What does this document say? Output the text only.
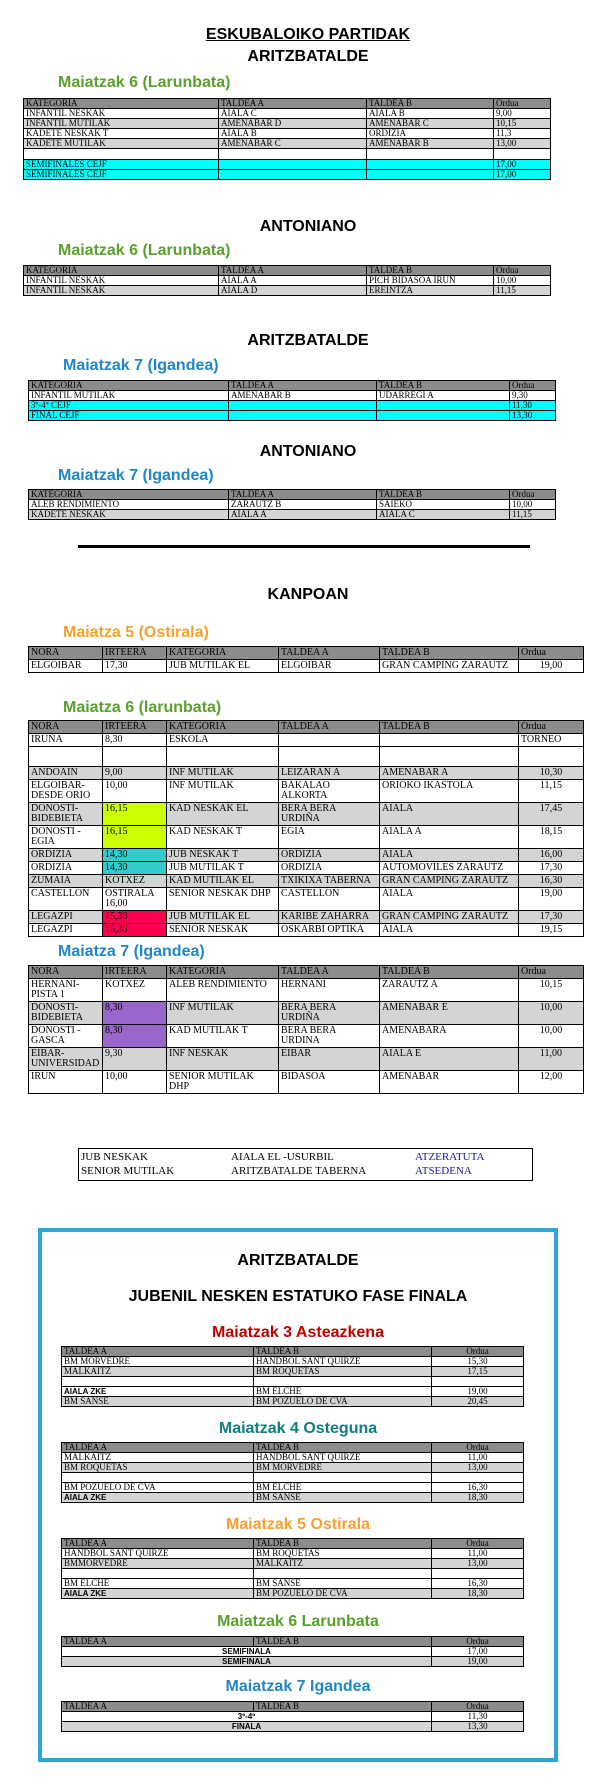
ESKUBALOIKO PARTIDAK
ARITZBATALDE
Maiatzak 6 (Larunbata)
KATEGORIA	TALDEA A	TALDEA B	Ordua
INFANTIL NESKAK	AIALA C	AIALA B	9,00
INFANTIL MUTILAK	AMENABAR D	AMENABAR C	10,15
KADETE NESKAK T	AIALA B	ORDIZIA	11,3
KADETE MUTILAK	AMENABAR C	AMENABAR B	13,00

SEMIFINALES CEJF			17,00
SEMIFINALES CEJF			17,00
ANTONIANO
Maiatzak 6 (Larunbata)
KATEGORIA	TALDEA A	TALDEA B	Ordua
INFANTIL NESKAK	AIALA A	PICH BIDASOA IRUN	10,00
INFANTIL NESKAK	AIALA D	EREINTZA	11,15
ARITZBATALDE
Maiatzak 7 (Igandea)
KATEGORIA	TALDEA A	TALDEA B	Ordua
INFANTIL MUTILAK	AMENABAR B	UDARREGI A	9,30
3º-4º CEJF			11,30
FINAL CEJF			13,30
ANTONIANO
Maiatzak 7 (Igandea)
KATEGORIA	TALDEA A	TALDEA B	Ordua
ALEB RENDIMIENTO	ZARAUTZ B	SAIEKO	10,00
KADETE NESKAK	AIALA A	AIALA C	11,15
KANPOAN
Maiatza 5 (Ostirala)
NORA	IRTEERA	KATEGORIA	TALDEA A	TALDEA B	Ordua
ELGOIBAR	17,30	JUB MUTILAK EL	ELGOIBAR	GRAN CAMPING ZARAUTZ	19,00
Maiatza 6 (larunbata)
NORA	IRTEERA	KATEGORIA	TALDEA A	TALDEA B	Ordua
IRUÑA	8,30	ESKOLA			TORNEO

ANDOAIN	9,00	INF MUTILAK	LEIZARAN A	AMENABAR A	10,30
ELGOIBAR-DESDE ORIO	10,00	INF MUTILAK	BAKALAO ALKORTA	ORIOKO IKASTOLA	11,15
DONOSTI-BIDEBIETA	16,15	KAD NESKAK EL	BERA BERA URDIÑA	AIALA	17,45
DONOSTI -EGIA	16,15	KAD NESKAK T	EGIA	AIALA A	18,15
ORDIZIA	14,30	JUB NESKAK T	ORDIZIA	AIALA	16,00
ORDIZIA	14,30	JUB MUTILAK T	ORDIZIA	AUTOMOVILES ZARAUTZ	17,30
ZUMAIA	KOTXEZ	KAD MUTILAK EL	TXIKIXA TABERNA	GRAN CAMPING ZARAUTZ	16,30
CASTELLON	OSTIRALA 16,00	SENIOR NESKAK DHP	CASTELLON	AIALA	19,00
LEGAZPI	15,30	JUB MUTILAK EL	KARIBE ZAHARRA	GRAN CAMPING ZARAUTZ	17,30
LEGAZPI	15,30	SENIOR NESKAK	OSKARBI OPTIKA	AIALA	19,15
Maiatza 7 (Igandea)
NORA	IRTEERA	KATEGORIA	TALDEA A	TALDEA B	Ordua
HERNANI-PISTA 1	KOTXEZ	ALEB RENDIMIENTO	HERNANI	ZARAUTZ A	10,15
DONOSTI-BIDEBIETA	8,30	INF MUTILAK	BERA BERA URDIÑA	AMENABAR E	10,00
DONOSTI -GASCA	8,30	KAD MUTILAK T	BERA BERA URDINA	AMENABARA	10,00
EIBAR-UNIVERSIDAD	9,30	INF NESKAK	EIBAR	AIALA E	11,00
IRUN	10,00	SENIOR MUTILAK DHP	BIDASOA	AMENABAR	12,00
JUB NESKAK	AIALA EL -USURBIL	ATZERATUTA
SENIOR MUTILAK	ARITZBATALDE TABERNA	ATSEDENA
ARITZBATALDE
JUBENIL NESKEN ESTATUKO FASE FINALA
Maiatzak 3 Asteazkena
TALDEA A	TALDEA B	Ordua
BM MORVEDRE	HANDBOL SANT QUIRZE	15,30
MALKAITZ	BM ROQUETAS	17,15

AIALA ZKE	BM ELCHE	19,00
BM SANSE	BM POZUELO DE CVA	20,45
Maiatzak 4 Osteguna
TALDEA A	TALDEA B	Ordua
MALKAITZ	HANDBOL SANT QUIRZE	11,00
BM ROQUETAS	BM MORVEDRE	13,00

BM POZUELO DE CVA	BM ELCHE	16,30
AIALA ZKE	BM SANSE	18,30
Maiatzak 5 Ostirala
TALDEA A	TALDEA B	Ordua
HANDBOL SANT QUIRZE	BM ROQUETAS	11,00
BMMORVEDRE	MALKAITZ	13,00

BM ELCHE	BM SANSE	16,30
AIALA ZKE	BM POZUELO DE CVA	18,30
Maiatzak 6 Larunbata
TALDEA A	TALDEA B	Ordua
SEMIFINALA		17,00
SEMIFINALA		19,00
Maiatzak 7 Igandea
TALDEA A	TALDEA B	Ordua
3º-4º		11,30
FINALA		13,30
